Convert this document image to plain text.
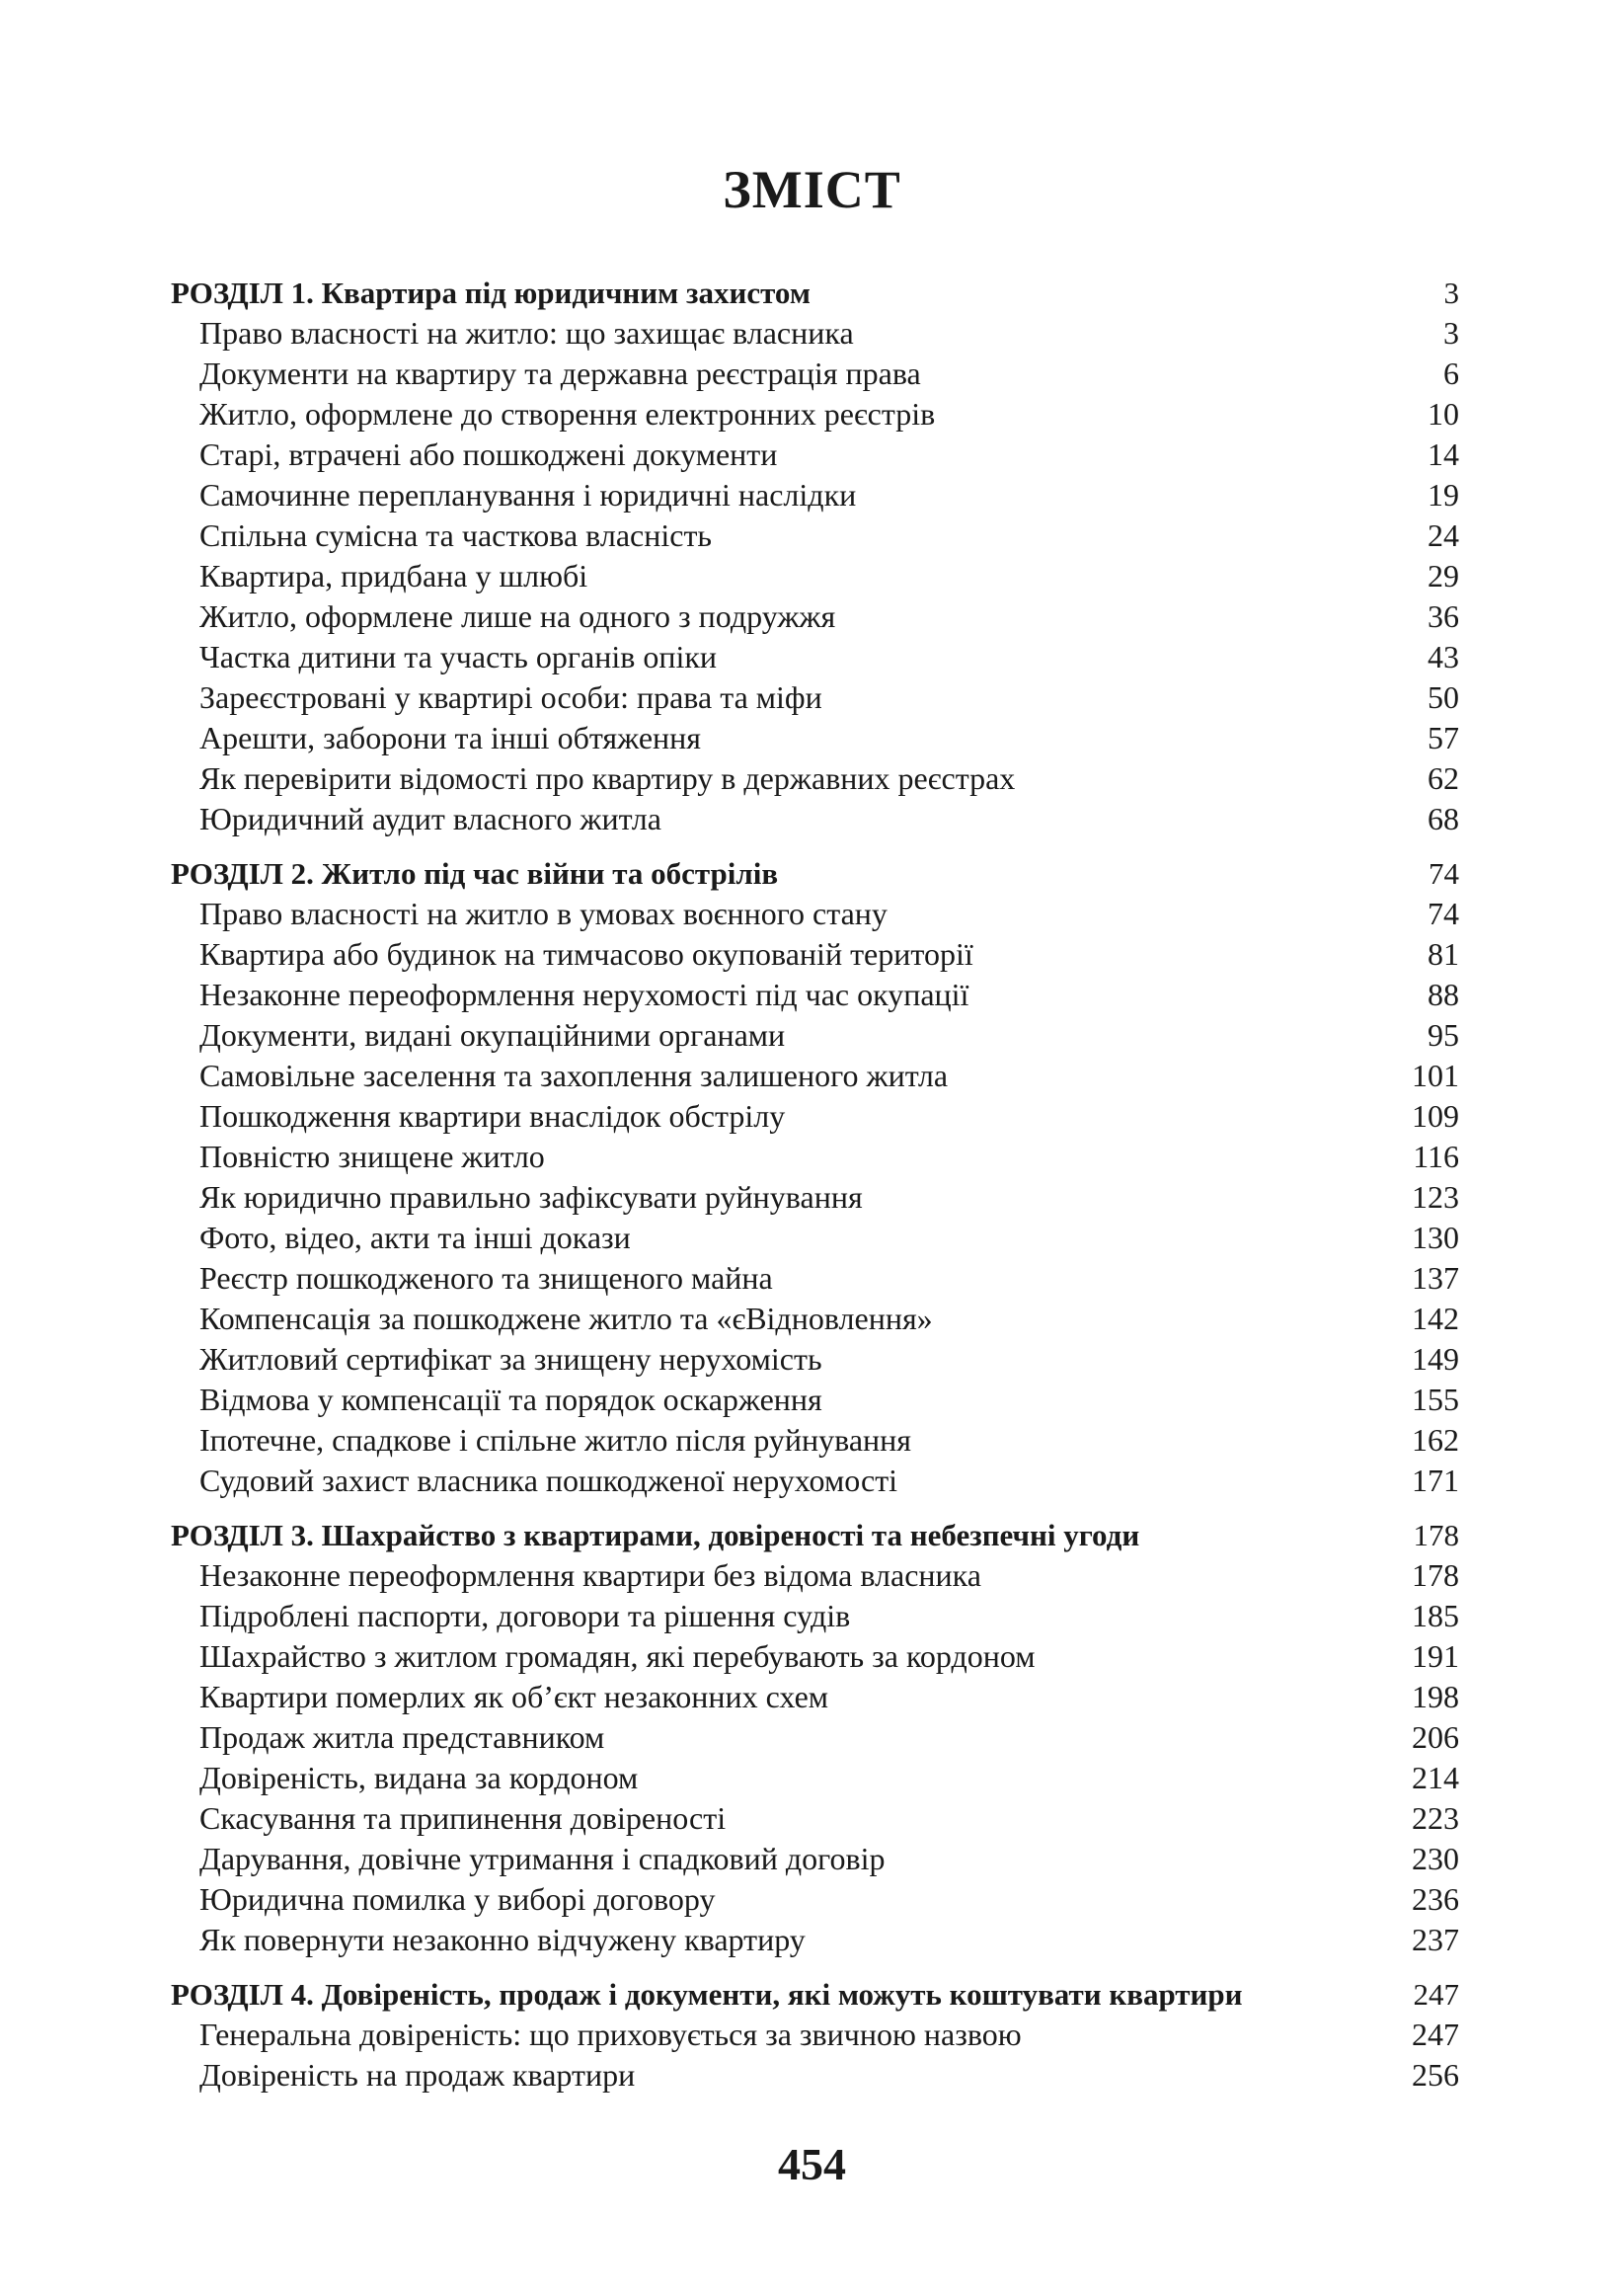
ЗМІСТ
РОЗДІЛ 1. Квартира під юридичним захистом	3
Право власності на житло: що захищає власника	3
Документи на квартиру та державна реєстрація права	6
Житло, оформлене до створення електронних реєстрів	10
Старі, втрачені або пошкоджені документи	14
Самочинне перепланування і юридичні наслідки	19
Спільна сумісна та часткова власність	24
Квартира, придбана у шлюбі	29
Житло, оформлене лише на одного з подружжя	36
Частка дитини та участь органів опіки	43
Зареєстровані у квартирі особи: права та міфи	50
Арешти, заборони та інші обтяження	57
Як перевірити відомості про квартиру в державних реєстрах	62
Юридичний аудит власного житла	68
РОЗДІЛ 2. Житло під час війни та обстрілів	74
Право власності на житло в умовах воєнного стану	74
Квартира або будинок на тимчасово окупованій території	81
Незаконне переоформлення нерухомості під час окупації	88
Документи, видані окупаційними органами	95
Самовільне заселення та захоплення залишеного житла	101
Пошкодження квартири внаслідок обстрілу	109
Повністю знищене житло	116
Як юридично правильно зафіксувати руйнування	123
Фото, відео, акти та інші докази	130
Реєстр пошкодженого та знищеного майна	137
Компенсація за пошкоджене житло та «єВідновлення»	142
Житловий сертифікат за знищену нерухомість	149
Відмова у компенсації та порядок оскарження	155
Іпотечне, спадкове і спільне житло після руйнування	162
Судовий захист власника пошкодженої нерухомості	171
РОЗДІЛ 3. Шахрайство з квартирами, довіреності та небезпечні угоди	178
Незаконне переоформлення квартири без відома власника	178
Підроблені паспорти, договори та рішення судів	185
Шахрайство з житлом громадян, які перебувають за кордоном	191
Квартири померлих як об’єкт незаконних схем	198
Продаж житла представником	206
Довіреність, видана за кордоном	214
Скасування та припинення довіреності	223
Дарування, довічне утримання і спадковий договір	230
Юридична помилка у виборі договору	236
Як повернути незаконно відчужену квартиру	237
РОЗДІЛ 4. Довіреність, продаж і документи, які можуть коштувати квартири	247
Генеральна довіреність: що приховується за звичною назвою	247
Довіреність на продаж квартири	256
454
